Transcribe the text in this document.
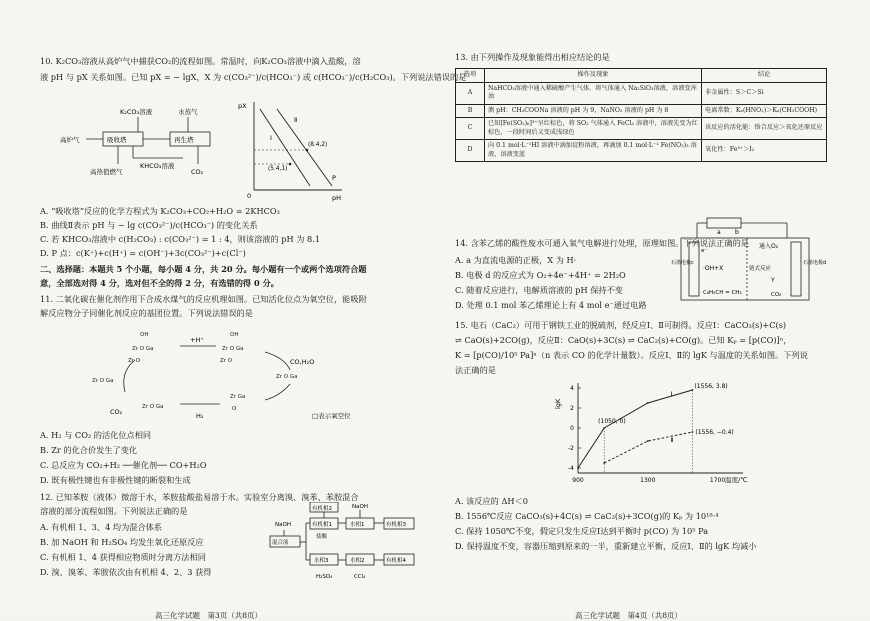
10. K₂CO₃溶液从高炉气中捕获CO₂的流程如图。常温时，向K₂CO₃溶液中滴入盐酸，溶
液 pH 与 pX 关系如图。已知 pX = − lgX，X 为 c(CO₃²⁻)/c(HCO₃⁻) 或 c(HCO₃⁻)/c(H₂CO₃)。下列说法错误的是
K₂CO₃溶液	水蒸气
吸收塔	再生塔
高炉气
高热值燃气
KHCO₃溶液
CO₂
pX
pH
0
Ⅰ
Ⅱ
(8.4,2)
(5.4,1)
P
A. “吸收塔”反应的化学方程式为 K₂CO₃+CO₂+H₂O = 2KHCO₃
B. 曲线Ⅱ表示 pH 与 − lg c(CO₃²⁻)/c(HCO₃⁻) 的变化关系
C. 若 KHCO₃溶液中 c(H₂CO₃) : c(CO₃²⁻) = 1 : 4，则该溶液的 pH 为 8.1
D. P 点：c(K⁺)+c(H⁺) = c(OH⁻)+3c(CO₃²⁻)+c(Cl⁻)
二、选择题：本题共 5 个小题，每小题 4 分，共 20 分。每小题有一个或两个选项符合题
意，全部选对得 4 分，选对但不全的得 2 分，有选错的得 0 分。
11. 二氧化碳在催化剂作用下合成水煤气的反应机理如图。已知活化位点为氧空位，能吸附
解反应物分子同催化剂反应的基团位置。下列说法错误的是
OH
Zr O Ga
Zr O
OH
Zr O Ga
Zr O
Zr O Ga
Zr Ga
O
Zr O Ga
Zr O Ga
+H⁺
CO,H₂O
CO₂	H₂	□表示氧空位
A. H₂ 与 CO₂ 的活化位点相同
B. Zr 的化合价发生了变化
C. 总反应为 CO₂+H₂ ──催化剂── CO+H₂O
D. 既有极性键也有非极性键的断裂和生成
12. 已知苯胺（液体）微溶于水，苯胺盐酸盐易溶于水。实验室分离溴、溴苯、苯胺混合
溶液的部分流程如图。下列说法正确的是
A. 有机相 1、3、4 均为混合体系
B. 加 NaOH 和 H₂SO₄ 均发生氧化还原反应
C. 有机相 1、4 获得相应物质时分离方法相同
D. 溴、溴苯、苯胺依次由有机相 4、2、3 获得
NaOH
混合液
有机相2	NaOH
有机相1	水相1	有机相3
盐酸
水相3	水相2	有机相4
H₂SO₄	CCl₄
高三化学试题　第3页（共8页）
13. 由下列操作及现象能得出相应结论的是
选项	操作及现象	结论
A	NaHCO₃溶液中通入稀硫酸产生气体，将气体通入 Na₂SiO₃溶液，溶液变浑浊	非金属性：S＞C＞Si
B	测 pH：CH₃COONa 溶液的 pH 为 9，NaNO₂ 溶液的 pH 为 8	电离常数：Kₐ(HNO₂)＞Kₐ(CH₃COOH)
C	已知[Fe(SO₂)₆]³⁺呈红棕色，将 SO₂ 气体通入 FeCl₃ 溶液中，溶液先变为红棕色，一段时间后又变成浅绿色	该反应的活化能：络合反应＞氧化还原反应
D	向 0.1 mol·L⁻¹HI 溶液中滴加淀粉溶液，再滴加 0.1 mol·L⁻¹ Fe(NO₃)₃ 溶液，溶液变蓝	氧化性：Fe³⁺＞I₂
14. 含苯乙烯的酸性废水可通入氧气电解进行处理，原理如图。下列说法正确的是
A. a 为直流电源的正极，X 为 H·
B. 电极 d 的反应式为 O₂+4e⁻+4H⁺ = 2H₂O
C. 随着反应进行，电解质溶液的 pH 保持不变
D. 处理 0.1 mol 苯乙烯理论上有 4 mol e⁻通过电路
a b
通入O₂
e⁻
·OH+X	链式反应
Y
C₆H₅CH = CH₂	CO₂
石墨电极c	石墨电极d
15. 电石（CaC₂）可用于钢铁工业的脱硫剂，经反应Ⅰ、Ⅱ可制得。反应Ⅰ：CaCO₃(s)+C(s)
⇌ CaO(s)+2CO(g)，反应Ⅱ：CaO(s)+3C(s) ⇌ CaC₂(s)+CO(g)。已知 Kₚ = [p(CO)]ⁿ，
K = [p(CO)/10⁵ Pa]ⁿ（n 表示 CO 的化学计量数）。反应Ⅰ、Ⅱ的 lgK 与温度的关系如图。下列说
法正确的是
lgK
温度/℃
-4
-2
0
2
4
900	1300	1700
Ⅰ
Ⅱ
(1556, 3.8)
(1050, 0)
(1556, −0.4)
A. 该反应的 ΔH＜0
B. 1556℃反应 CaCO₃(s)+4C(s) ⇌ CaC₂(s)+3CO(g)的 Kₚ 为 10¹⁸·⁴
C. 保持 1050℃不变，假定只发生反应Ⅰ达到平衡时 p(CO) 为 10⁵ Pa
D. 保持温度不变，容器压缩到原来的一半，重新建立平衡，反应Ⅰ、Ⅱ的 lgK 均减小
高三化学试题　第4页（共8页）
